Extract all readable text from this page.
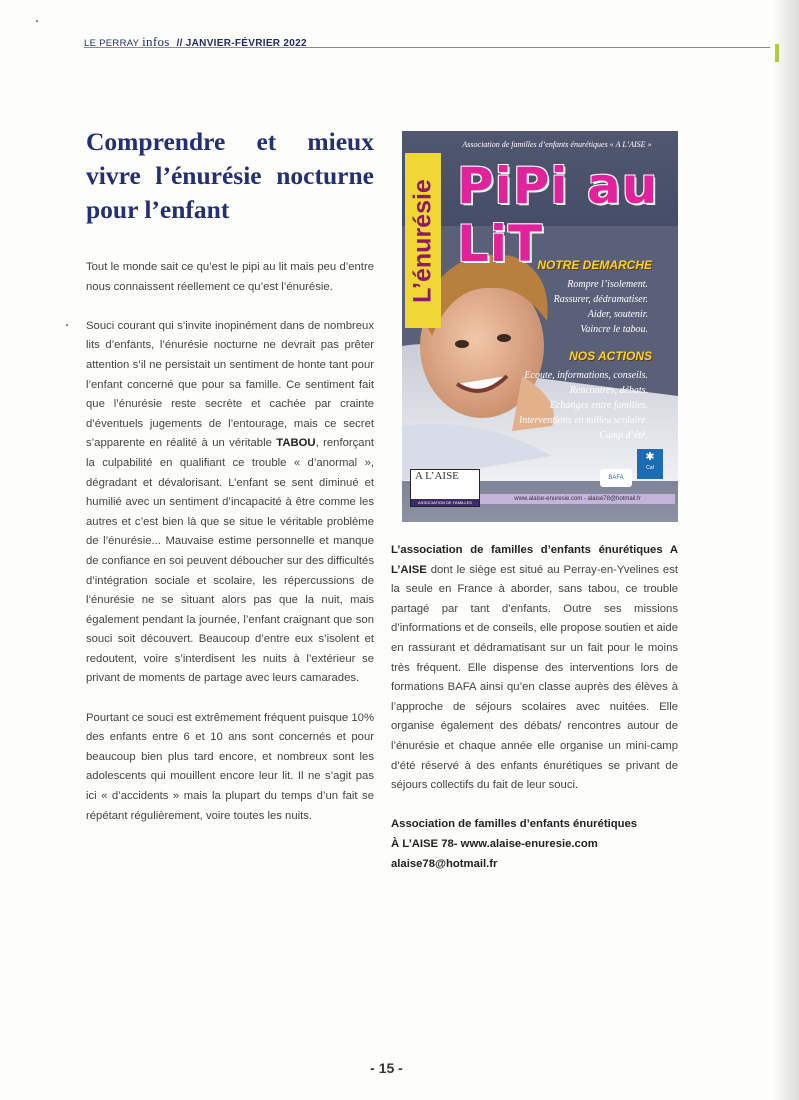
LE PERRAY infos // JANVIER-FÉVRIER 2022
Comprendre et mieux vivre l’énurésie nocturne pour l’enfant

Tout le monde sait ce qu’est le pipi au lit mais peu d’entre nous connaissent réellement ce qu’est l’énurésie.

Souci courant qui s’invite inopinément dans de nombreux lits d’enfants, l’énurésie nocturne ne devrait pas prêter attention s’il ne persistait un sentiment de honte tant pour l’enfant concerné que pour sa famille. Ce sentiment fait que l’énurésie reste secrète et cachée par crainte d’éventuels jugements de l’entourage, mais ce secret s’apparente en réalité à un véritable TABOU, renforçant la culpabilité en qualifiant ce trouble « d’anormal », dégradant et dévalorisant. L’enfant se sent diminué et humilié avec un sentiment d’incapacité à être comme les autres et c’est bien là que se situe le véritable problème de l’énurésie... Mauvaise estime personnelle et manque de confiance en soi peuvent déboucher sur des difficultés d’intégration sociale et scolaire, les répercussions de l’énurésie ne se situant alors pas que la nuit, mais également pendant la journée, l’enfant craignant que son souci soit découvert. Beaucoup d’entre eux s’isolent et redoutent, voire s’interdisent les nuits à l’extérieur se privant de moments de partage avec leurs camarades.

Pourtant ce souci est extrêmement fréquent puisque 10% des enfants entre 6 et 10 ans sont concernés et pour beaucoup bien plus tard encore, et nombreux sont les adolescents qui mouillent encore leur lit. Il ne s’agit pas ici « d’accidents » mais la plupart du temps d’un fait se répétant régulièrement, voire toutes les nuits.

Association de familles d’enfants énurétiques « A L’AISE »
L’énurésie PiPi au LiT
NOTRE DEMARCHE
Rompre l’isolement.
Rassurer, dédramatiser.
Aider, soutenir.
Vaincre le tabou.
NOS ACTIONS
Ecoute, informations, conseils.
Rencontres, débats.
Echanges entre familles.
Interventions en milieu scolaire.
Camp d’été.
A L’AISE
ASSOCIATION DE FAMILLES
BAFA
✱
Caf
www.alaise-enuresie.com - alaise78@hotmail.fr

L’association de familles d’enfants énurétiques A L’AISE dont le siège est situé au Perray-en-Yvelines est la seule en France à aborder, sans tabou, ce trouble partagé par tant d’enfants. Outre ses missions d’informations et de conseils, elle propose soutien et aide en rassurant et dédramatisant sur un fait pour le moins très fréquent. Elle dispense des interventions lors de formations BAFA ainsi qu’en classe auprès des élèves à l’approche de séjours scolaires avec nuitées. Elle organise également des débats/ rencontres autour de l’énurésie et chaque année elle organise un mini-camp d’été réservé à des enfants énurétiques se privant de séjours collectifs du fait de leur souci.

Association de familles d’enfants énurétiques
À L’AISE 78- www.alaise-enuresie.com
alaise78@hotmail.fr
- 15 -
